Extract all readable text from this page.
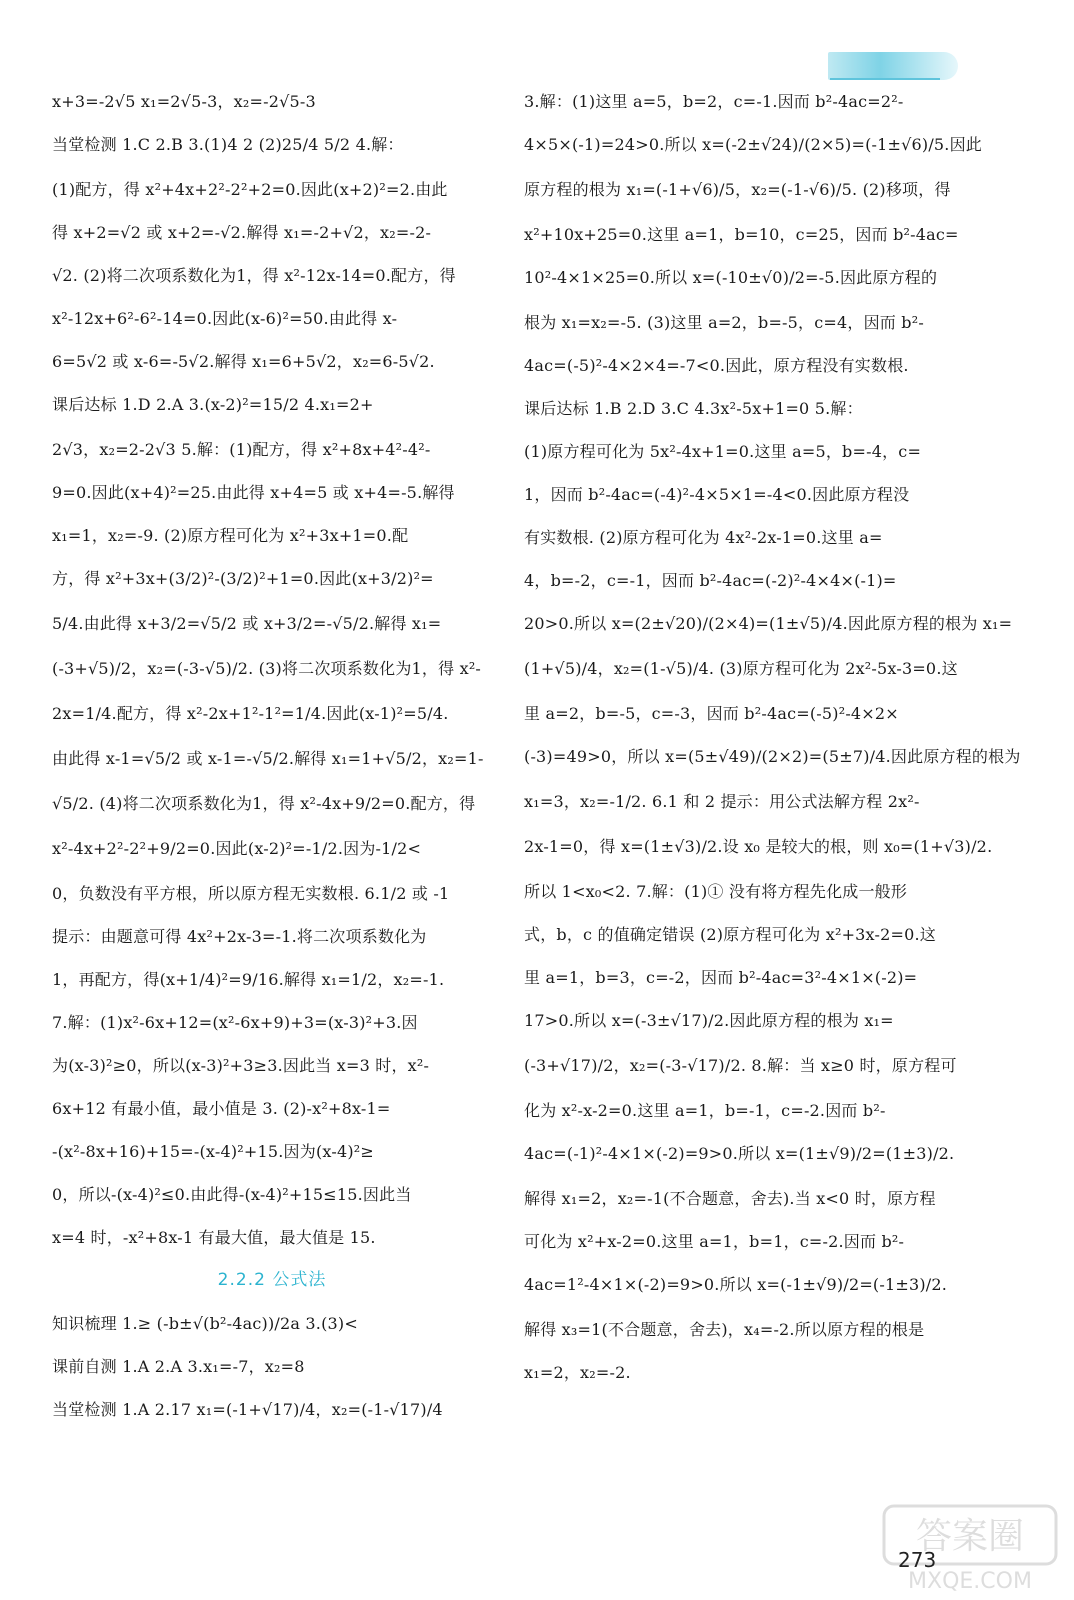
x+3=-2√5 x₁=2√5-3，x₂=-2√5-3
当堂检测 1.C 2.B 3.(1)4 2 (2)25/4 5/2 4.解：
(1)配方，得 x²+4x+2²-2²+2=0.因此(x+2)²=2.由此
得 x+2=√2 或 x+2=-√2.解得 x₁=-2+√2，x₂=-2-
√2. (2)将二次项系数化为1，得 x²-12x-14=0.配方，得
x²-12x+6²-6²-14=0.因此(x-6)²=50.由此得 x-
6=5√2 或 x-6=-5√2.解得 x₁=6+5√2，x₂=6-5√2.
课后达标 1.D 2.A 3.(x-2)²=15/2 4.x₁=2+
2√3，x₂=2-2√3 5.解：(1)配方，得 x²+8x+4²-4²-
9=0.因此(x+4)²=25.由此得 x+4=5 或 x+4=-5.解得
x₁=1，x₂=-9. (2)原方程可化为 x²+3x+1=0.配
方，得 x²+3x+(3/2)²-(3/2)²+1=0.因此(x+3/2)²=
5/4.由此得 x+3/2=√5/2 或 x+3/2=-√5/2.解得 x₁=
(-3+√5)/2，x₂=(-3-√5)/2. (3)将二次项系数化为1，得 x²-
2x=1/4.配方，得 x²-2x+1²-1²=1/4.因此(x-1)²=5/4.
由此得 x-1=√5/2 或 x-1=-√5/2.解得 x₁=1+√5/2，x₂=1-
√5/2. (4)将二次项系数化为1，得 x²-4x+9/2=0.配方，得
x²-4x+2²-2²+9/2=0.因此(x-2)²=-1/2.因为-1/2<
0，负数没有平方根，所以原方程无实数根. 6.1/2 或 -1
提示：由题意可得 4x²+2x-3=-1.将二次项系数化为
1，再配方，得(x+1/4)²=9/16.解得 x₁=1/2，x₂=-1.
7.解：(1)x²-6x+12=(x²-6x+9)+3=(x-3)²+3.因
为(x-3)²≥0，所以(x-3)²+3≥3.因此当 x=3 时，x²-
6x+12 有最小值，最小值是 3. (2)-x²+8x-1=
-(x²-8x+16)+15=-(x-4)²+15.因为(x-4)²≥
0，所以-(x-4)²≤0.由此得-(x-4)²+15≤15.因此当
x=4 时，-x²+8x-1 有最大值，最大值是 15.
2.2.2 公式法
知识梳理 1.≥ (-b±√(b²-4ac))/2a 3.(3)<
课前自测 1.A 2.A 3.x₁=-7，x₂=8
当堂检测 1.A 2.17 x₁=(-1+√17)/4，x₂=(-1-√17)/4
3.解：(1)这里 a=5，b=2，c=-1.因而 b²-4ac=2²-
4×5×(-1)=24>0.所以 x=(-2±√24)/(2×5)=(-1±√6)/5.因此
原方程的根为 x₁=(-1+√6)/5，x₂=(-1-√6)/5. (2)移项，得
x²+10x+25=0.这里 a=1，b=10，c=25，因而 b²-4ac=
10²-4×1×25=0.所以 x=(-10±√0)/2=-5.因此原方程的
根为 x₁=x₂=-5. (3)这里 a=2，b=-5，c=4，因而 b²-
4ac=(-5)²-4×2×4=-7<0.因此，原方程没有实数根.
课后达标 1.B 2.D 3.C 4.3x²-5x+1=0 5.解：
(1)原方程可化为 5x²-4x+1=0.这里 a=5，b=-4，c=
1，因而 b²-4ac=(-4)²-4×5×1=-4<0.因此原方程没
有实数根. (2)原方程可化为 4x²-2x-1=0.这里 a=
4，b=-2，c=-1，因而 b²-4ac=(-2)²-4×4×(-1)=
20>0.所以 x=(2±√20)/(2×4)=(1±√5)/4.因此原方程的根为 x₁=
(1+√5)/4，x₂=(1-√5)/4. (3)原方程可化为 2x²-5x-3=0.这
里 a=2，b=-5，c=-3，因而 b²-4ac=(-5)²-4×2×
(-3)=49>0，所以 x=(5±√49)/(2×2)=(5±7)/4.因此原方程的根为
x₁=3，x₂=-1/2. 6.1 和 2 提示：用公式法解方程 2x²-
2x-1=0，得 x=(1±√3)/2.设 x₀ 是较大的根，则 x₀=(1+√3)/2.
所以 1<x₀<2. 7.解：(1)① 没有将方程先化成一般形
式，b，c 的值确定错误 (2)原方程可化为 x²+3x-2=0.这
里 a=1，b=3，c=-2，因而 b²-4ac=3²-4×1×(-2)=
17>0.所以 x=(-3±√17)/2.因此原方程的根为 x₁=
(-3+√17)/2，x₂=(-3-√17)/2. 8.解：当 x≥0 时，原方程可
化为 x²-x-2=0.这里 a=1，b=-1，c=-2.因而 b²-
4ac=(-1)²-4×1×(-2)=9>0.所以 x=(1±√9)/2=(1±3)/2.
解得 x₁=2，x₂=-1(不合题意，舍去).当 x<0 时，原方程
可化为 x²+x-2=0.这里 a=1，b=1，c=-2.因而 b²-
4ac=1²-4×1×(-2)=9>0.所以 x=(-1±√9)/2=(-1±3)/2.
解得 x₃=1(不合题意，舍去)，x₄=-2.所以原方程的根是
x₁=2，x₂=-2.
答案圈
MXQE.COM
273
